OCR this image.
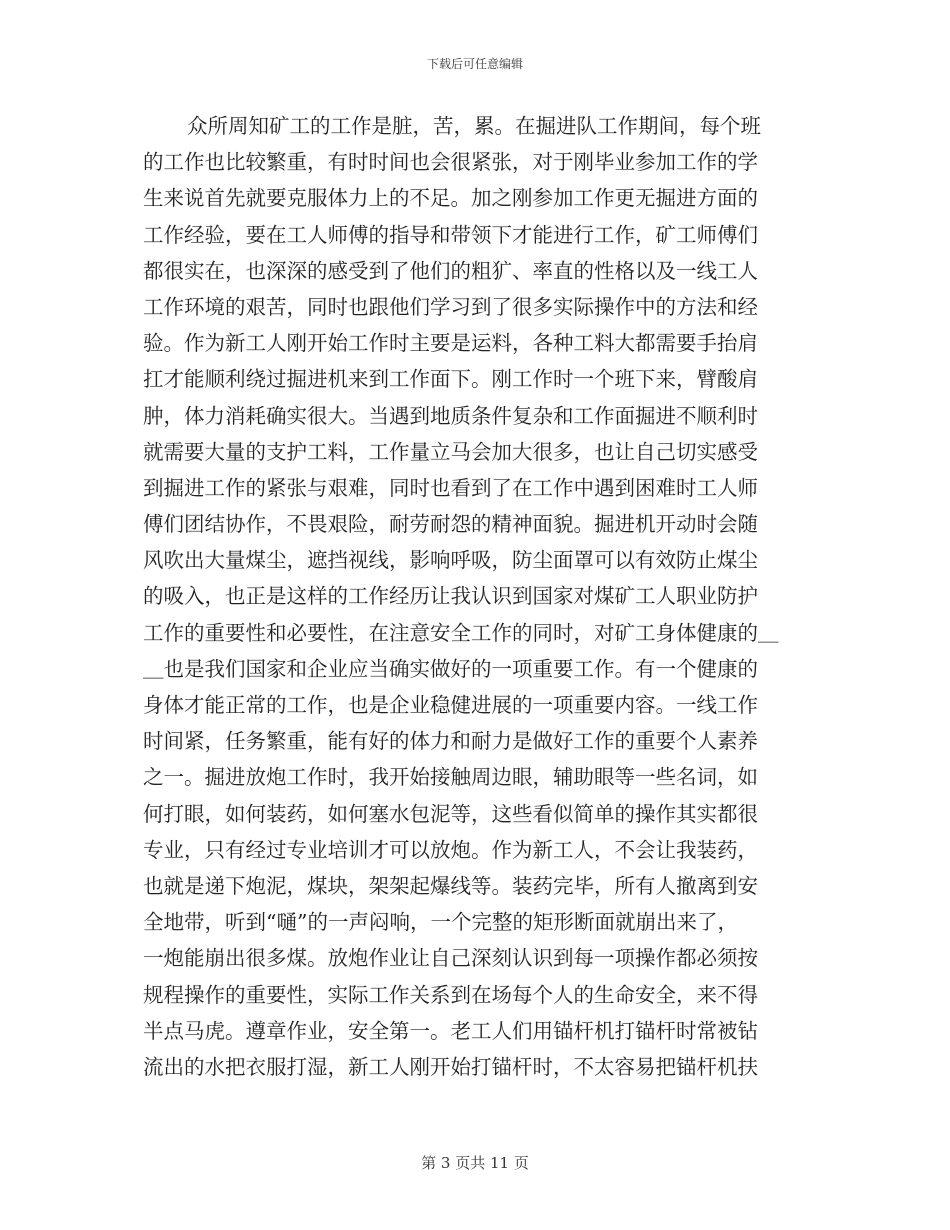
下载后可任意编辑
众所周知矿工的工作是脏，苦，累。在掘进队工作期间，每个班
的工作也比较繁重，有时时间也会很紧张，对于刚毕业参加工作的学
生来说首先就要克服体力上的不足。加之刚参加工作更无掘进方面的
工作经验，要在工人师傅的指导和带领下才能进行工作，矿工师傅们
都很实在，也深深的感受到了他们的粗犷、率直的性格以及一线工人
工作环境的艰苦，同时也跟他们学习到了很多实际操作中的方法和经
验。作为新工人刚开始工作时主要是运料，各种工料大都需要手抬肩
扛才能顺利绕过掘进机来到工作面下。刚工作时一个班下来，臂酸肩
肿，体力消耗确实很大。当遇到地质条件复杂和工作面掘进不顺利时
就需要大量的支护工料，工作量立马会加大很多，也让自己切实感受
到掘进工作的紧张与艰难，同时也看到了在工作中遇到困难时工人师
傅们团结协作，不畏艰险，耐劳耐怨的精神面貌。掘进机开动时会随
风吹出大量煤尘，遮挡视线，影响呼吸，防尘面罩可以有效防止煤尘
的吸入，也正是这样的工作经历让我认识到国家对煤矿工人职业防护
工作的重要性和必要性，在注意安全工作的同时，对矿工身体健康的＿
＿也是我们国家和企业应当确实做好的一项重要工作。有一个健康的
身体才能正常的工作，也是企业稳健进展的一项重要内容。一线工作
时间紧，任务繁重，能有好的体力和耐力是做好工作的重要个人素养
之一。掘进放炮工作时，我开始接触周边眼，辅助眼等一些名词，如
何打眼，如何装药，如何塞水包泥等，这些看似简单的操作其实都很
专业，只有经过专业培训才可以放炮。作为新工人，不会让我装药，
也就是递下炮泥，煤块，架架起爆线等。装药完毕，所有人撤离到安
全地带，听到“嗵”的一声闷响，一个完整的矩形断面就崩出来了，
一炮能崩出很多煤。放炮作业让自己深刻认识到每一项操作都必须按
规程操作的重要性，实际工作关系到在场每个人的生命安全，来不得
半点马虎。遵章作业，安全第一。老工人们用锚杆机打锚杆时常被钻
流出的水把衣服打湿，新工人刚开始打锚杆时，不太容易把锚杆机扶
第 3 页共 11 页
